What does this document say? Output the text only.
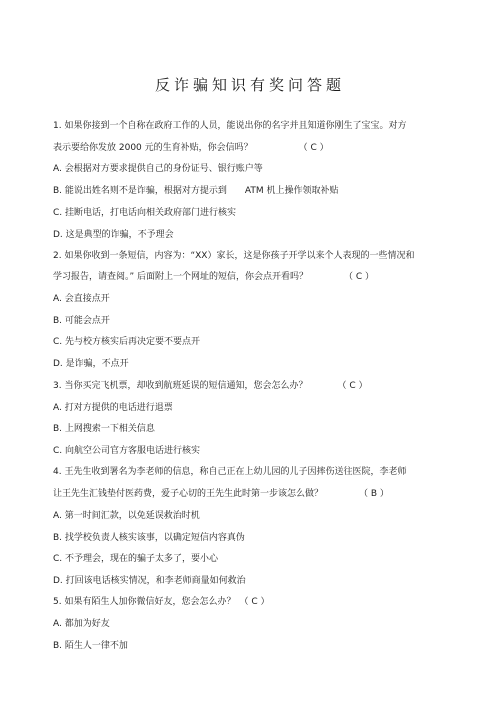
反诈骗知识有奖问答题
1. 如果你接到一个自称在政府工作的人员，能说出你的名字并且知道你刚生了宝宝。对方
表示要给你发放 2000 元的生育补贴，你会信吗？	（ C ）
A. 会根据对方要求提供自己的身份证号、银行账户等
B. 能说出姓名则不是诈骗，根据对方提示到　　ATM 机上操作领取补贴
C. 挂断电话，打电话向相关政府部门进行核实
D. 这是典型的诈骗，不予理会
2. 如果你收到一条短信，内容为：“XX）家长，这是你孩子开学以来个人表现的一些情况和
学习报告，请查阅。” 后面附上一个网址的短信，你会点开看吗？	（ C ）
A. 会直接点开
B. 可能会点开
C. 先与校方核实后再决定要不要点开
D. 是诈骗，不点开
3. 当你买完飞机票，却收到航班延误的短信通知，您会怎么办？	（ C ）
A. 打对方提供的电话进行退票
B. 上网搜索一下相关信息
C. 向航空公司官方客服电话进行核实
4. 王先生收到署名为李老师的信息，称自己正在上幼儿园的儿子因摔伤送往医院，李老师
让王先生汇钱垫付医药费，爱子心切的王先生此时第一步该怎么做？	（ B ）
A. 第一时间汇款，以免延误救治时机
B. 找学校负责人核实该事，以确定短信内容真伪
C. 不予理会，现在的骗子太多了，要小心
D. 打回该电话核实情况，和李老师商量如何救治
5. 如果有陌生人加你微信好友，您会怎么办？ （ C ）
A. 都加为好友
B. 陌生人一律不加
